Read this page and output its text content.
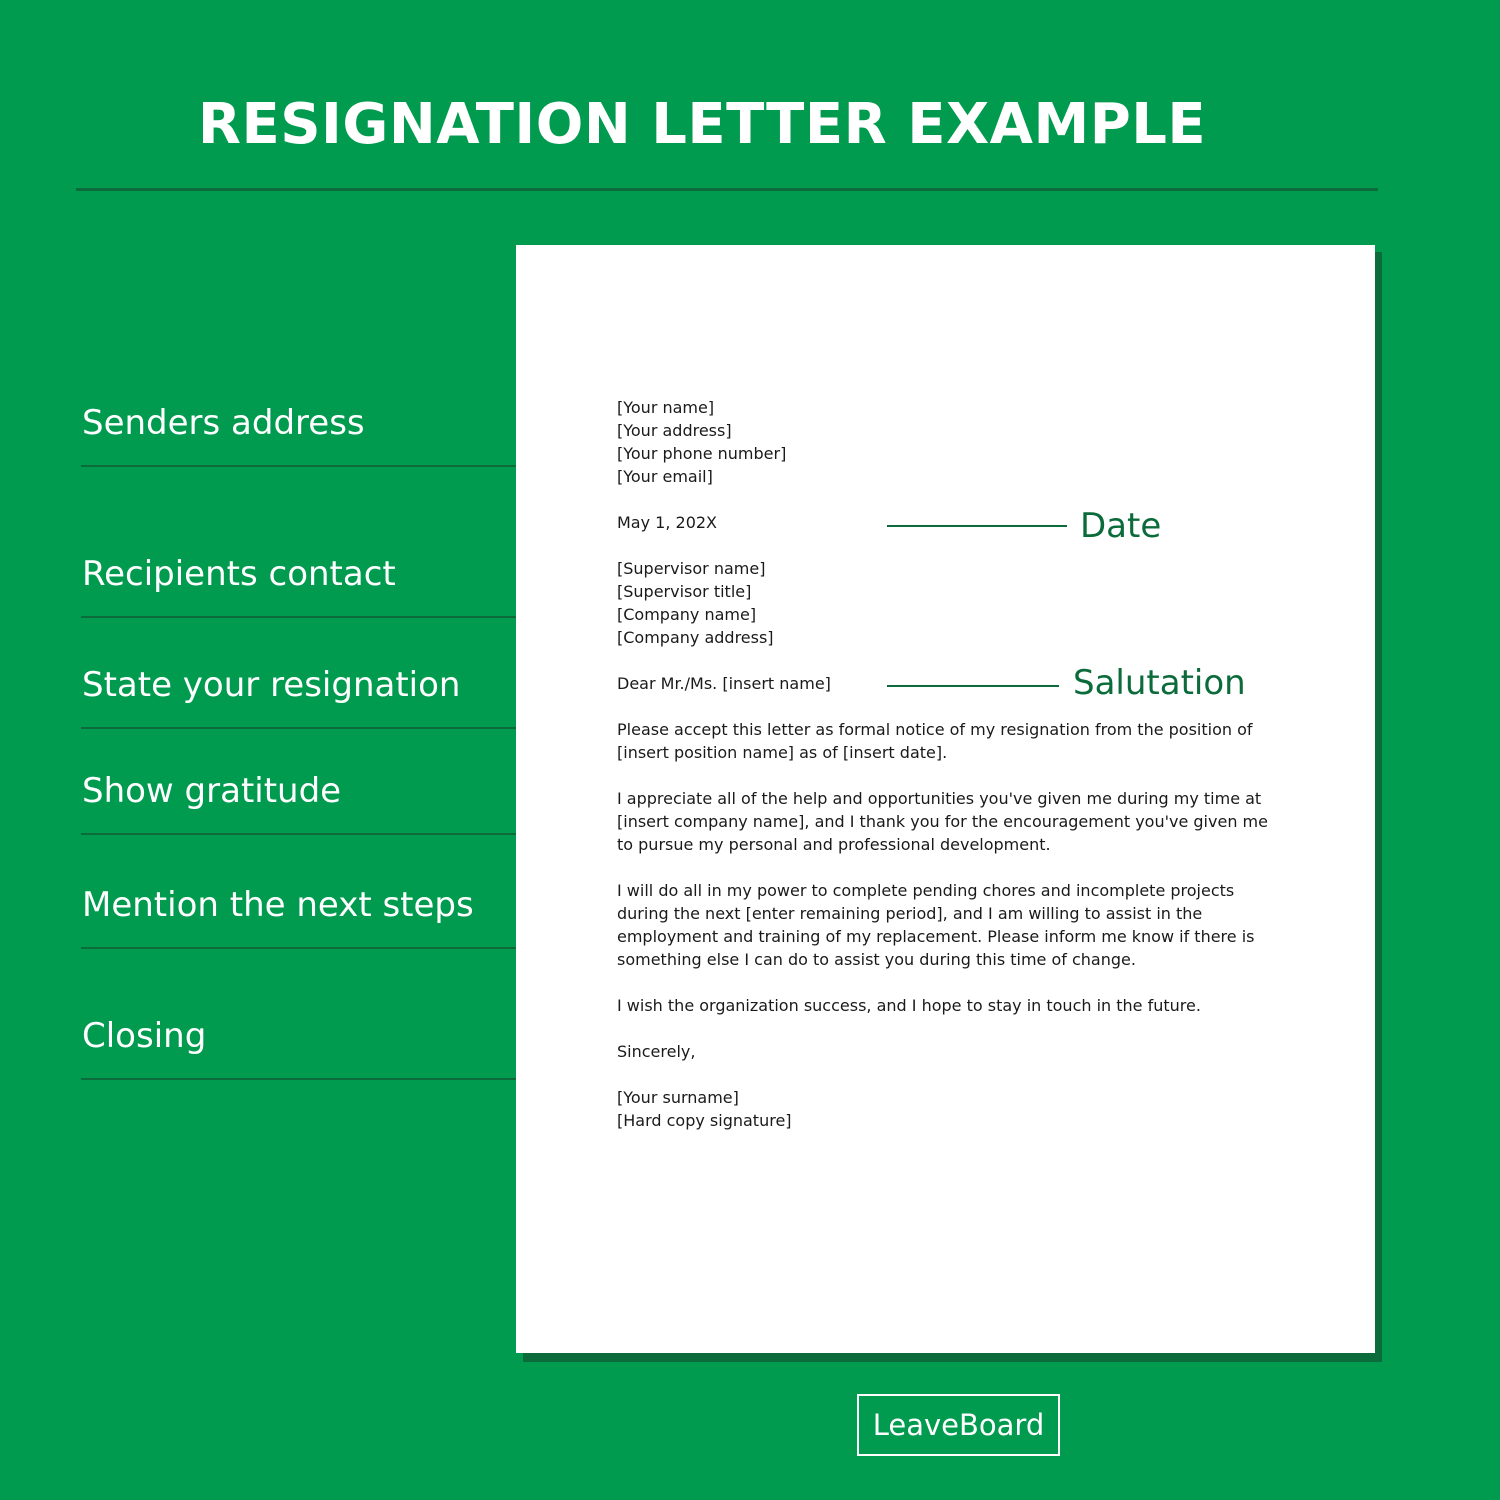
RESIGNATION LETTER EXAMPLE
Senders address
Recipients contact
State your resignation
Show gratitude
Mention the next steps
Closing
[Your name]
[Your address]
[Your phone number]
[Your email]
May 1, 202X
[Supervisor name]
[Supervisor title]
[Company name]
[Company address]
Dear Mr./Ms. [insert name]
Please accept this letter as formal notice of my resignation from the position of [insert position name] as of [insert date].
I appreciate all of the help and opportunities you've given me during my time at [insert company name], and I thank you for the encouragement you've given me to pursue my personal and professional development.
I will do all in my power to complete pending chores and incomplete projects during the next [enter remaining period], and I am willing to assist in the employment and training of my replacement. Please inform me know if there is something else I can do to assist you during this time of change.
I wish the organization success, and I hope to stay in touch in the future.
Sincerely,
[Your surname]
[Hard copy signature]
Date
Salutation
LeaveBoard
